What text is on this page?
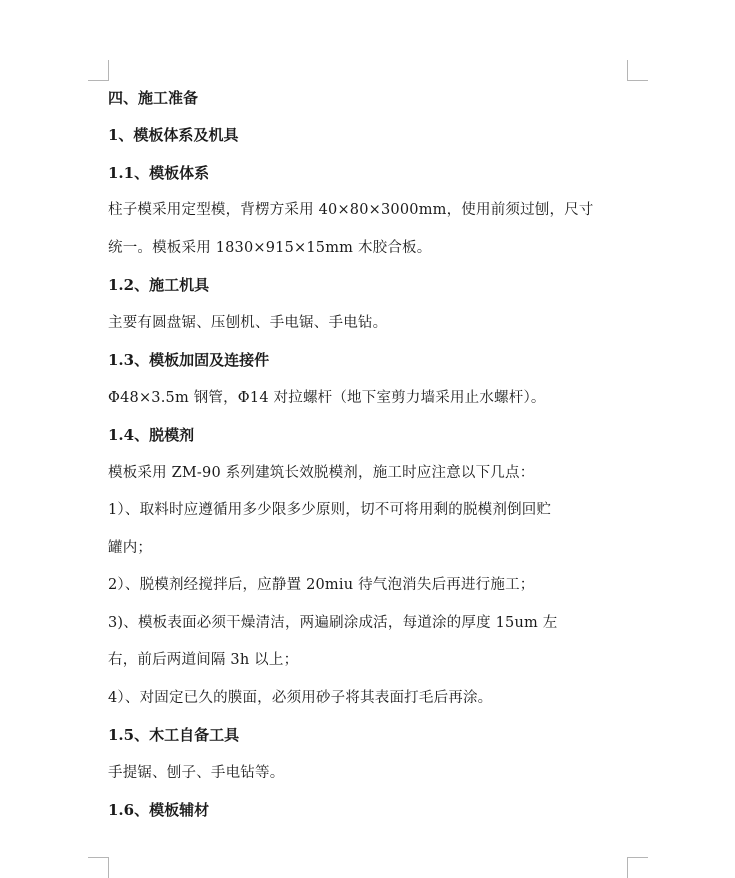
四、施工准备
1、模板体系及机具
1.1、模板体系
柱子模采用定型模，背楞方采用 40×80×3000mm，使用前须过刨，尺寸
统一。模板采用 1830×915×15mm 木胶合板。
1.2、施工机具
主要有圆盘锯、压刨机、手电锯、手电钻。
1.3、模板加固及连接件
Φ48×3.5m 钢管，Φ14 对拉螺杆（地下室剪力墙采用止水螺杆）。
1.4、脱模剂
模板采用 ZM-90 系列建筑长效脱模剂，施工时应注意以下几点：
1）、取料时应遵循用多少限多少原则，切不可将用剩的脱模剂倒回贮
罐内；
2）、脱模剂经搅拌后，应静置 20miu 待气泡消失后再进行施工；
3)、模板表面必须干燥清洁，两遍刷涂成活，每道涂的厚度 15um 左
右，前后两道间隔 3h 以上；
4）、对固定已久的膜面，必须用砂子将其表面打毛后再涂。
1.5、木工自备工具
手提锯、刨子、手电钻等。
1.6、模板辅材
